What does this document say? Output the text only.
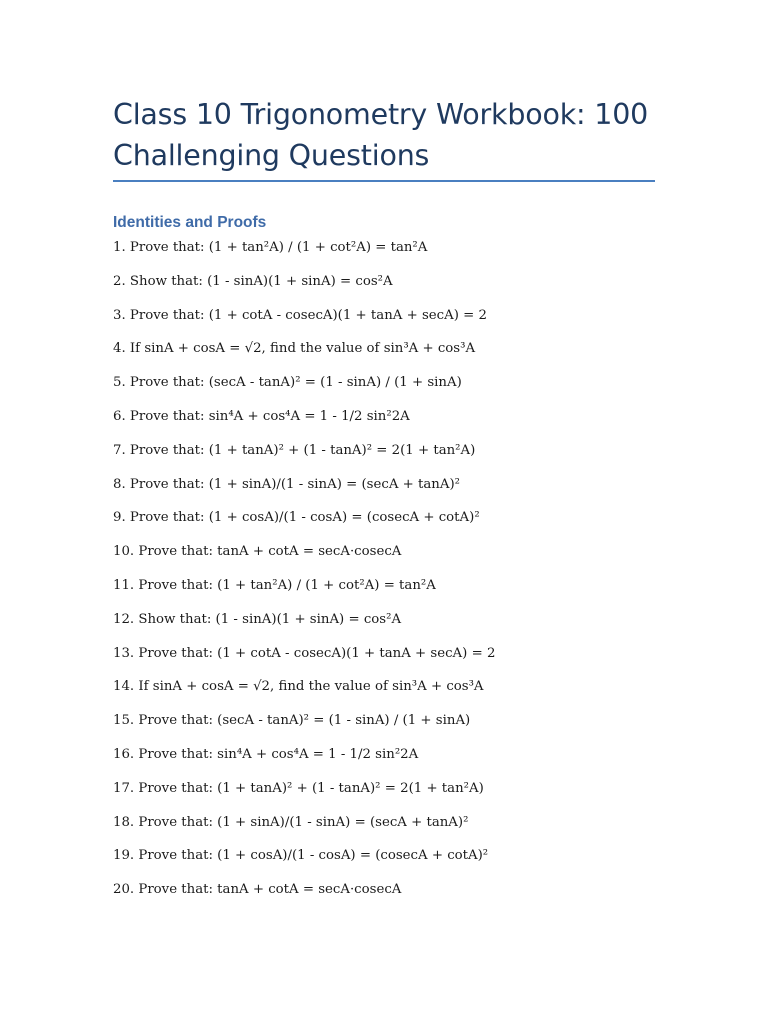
Class 10 Trigonometry Workbook: 100 Challenging Questions
Identities and Proofs
1. Prove that: (1 + tan²A) / (1 + cot²A) = tan²A
2. Show that: (1 - sinA)(1 + sinA) = cos²A
3. Prove that: (1 + cotA - cosecA)(1 + tanA + secA) = 2
4. If sinA + cosA = √2, find the value of sin³A + cos³A
5. Prove that: (secA - tanA)² = (1 - sinA) / (1 + sinA)
6. Prove that: sin⁴A + cos⁴A = 1 - 1/2 sin²2A
7. Prove that: (1 + tanA)² + (1 - tanA)² = 2(1 + tan²A)
8. Prove that: (1 + sinA)/(1 - sinA) = (secA + tanA)²
9. Prove that: (1 + cosA)/(1 - cosA) = (cosecA + cotA)²
10. Prove that: tanA + cotA = secA·cosecA
11. Prove that: (1 + tan²A) / (1 + cot²A) = tan²A
12. Show that: (1 - sinA)(1 + sinA) = cos²A
13. Prove that: (1 + cotA - cosecA)(1 + tanA + secA) = 2
14. If sinA + cosA = √2, find the value of sin³A + cos³A
15. Prove that: (secA - tanA)² = (1 - sinA) / (1 + sinA)
16. Prove that: sin⁴A + cos⁴A = 1 - 1/2 sin²2A
17. Prove that: (1 + tanA)² + (1 - tanA)² = 2(1 + tan²A)
18. Prove that: (1 + sinA)/(1 - sinA) = (secA + tanA)²
19. Prove that: (1 + cosA)/(1 - cosA) = (cosecA + cotA)²
20. Prove that: tanA + cotA = secA·cosecA
